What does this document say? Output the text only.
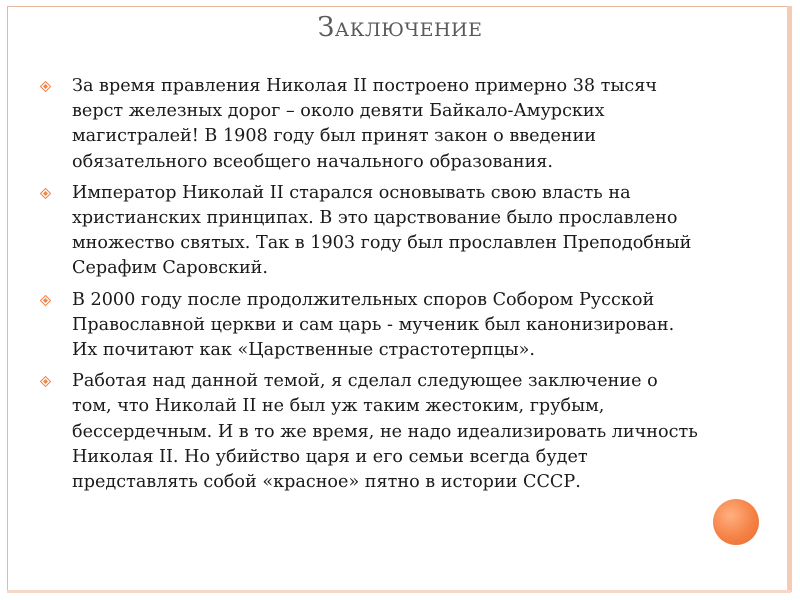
Заключение
За время правления Николая II построено примерно 38 тысяч верст железных дорог – около девяти Байкало-Амурских магистралей! В 1908 году был принят закон о введении обязательного всеобщего начального образования.
Император Николай II старался основывать свою власть на христианских принципах. В это царствование было прославлено множество святых. Так в 1903 году был прославлен Преподобный Серафим Саровский.
В 2000 году после продолжительных споров Собором Русской Православной церкви и сам царь - мученик был канонизирован. Их почитают как «Царственные страстотерпцы».
Работая над данной темой, я сделал следующее заключение о том, что Николай II не был уж таким жестоким, грубым, бессердечным. И в то же время, не надо идеализировать личность Николая II. Но убийство царя и его семьи всегда будет представлять собой «красное» пятно в истории СССР.
